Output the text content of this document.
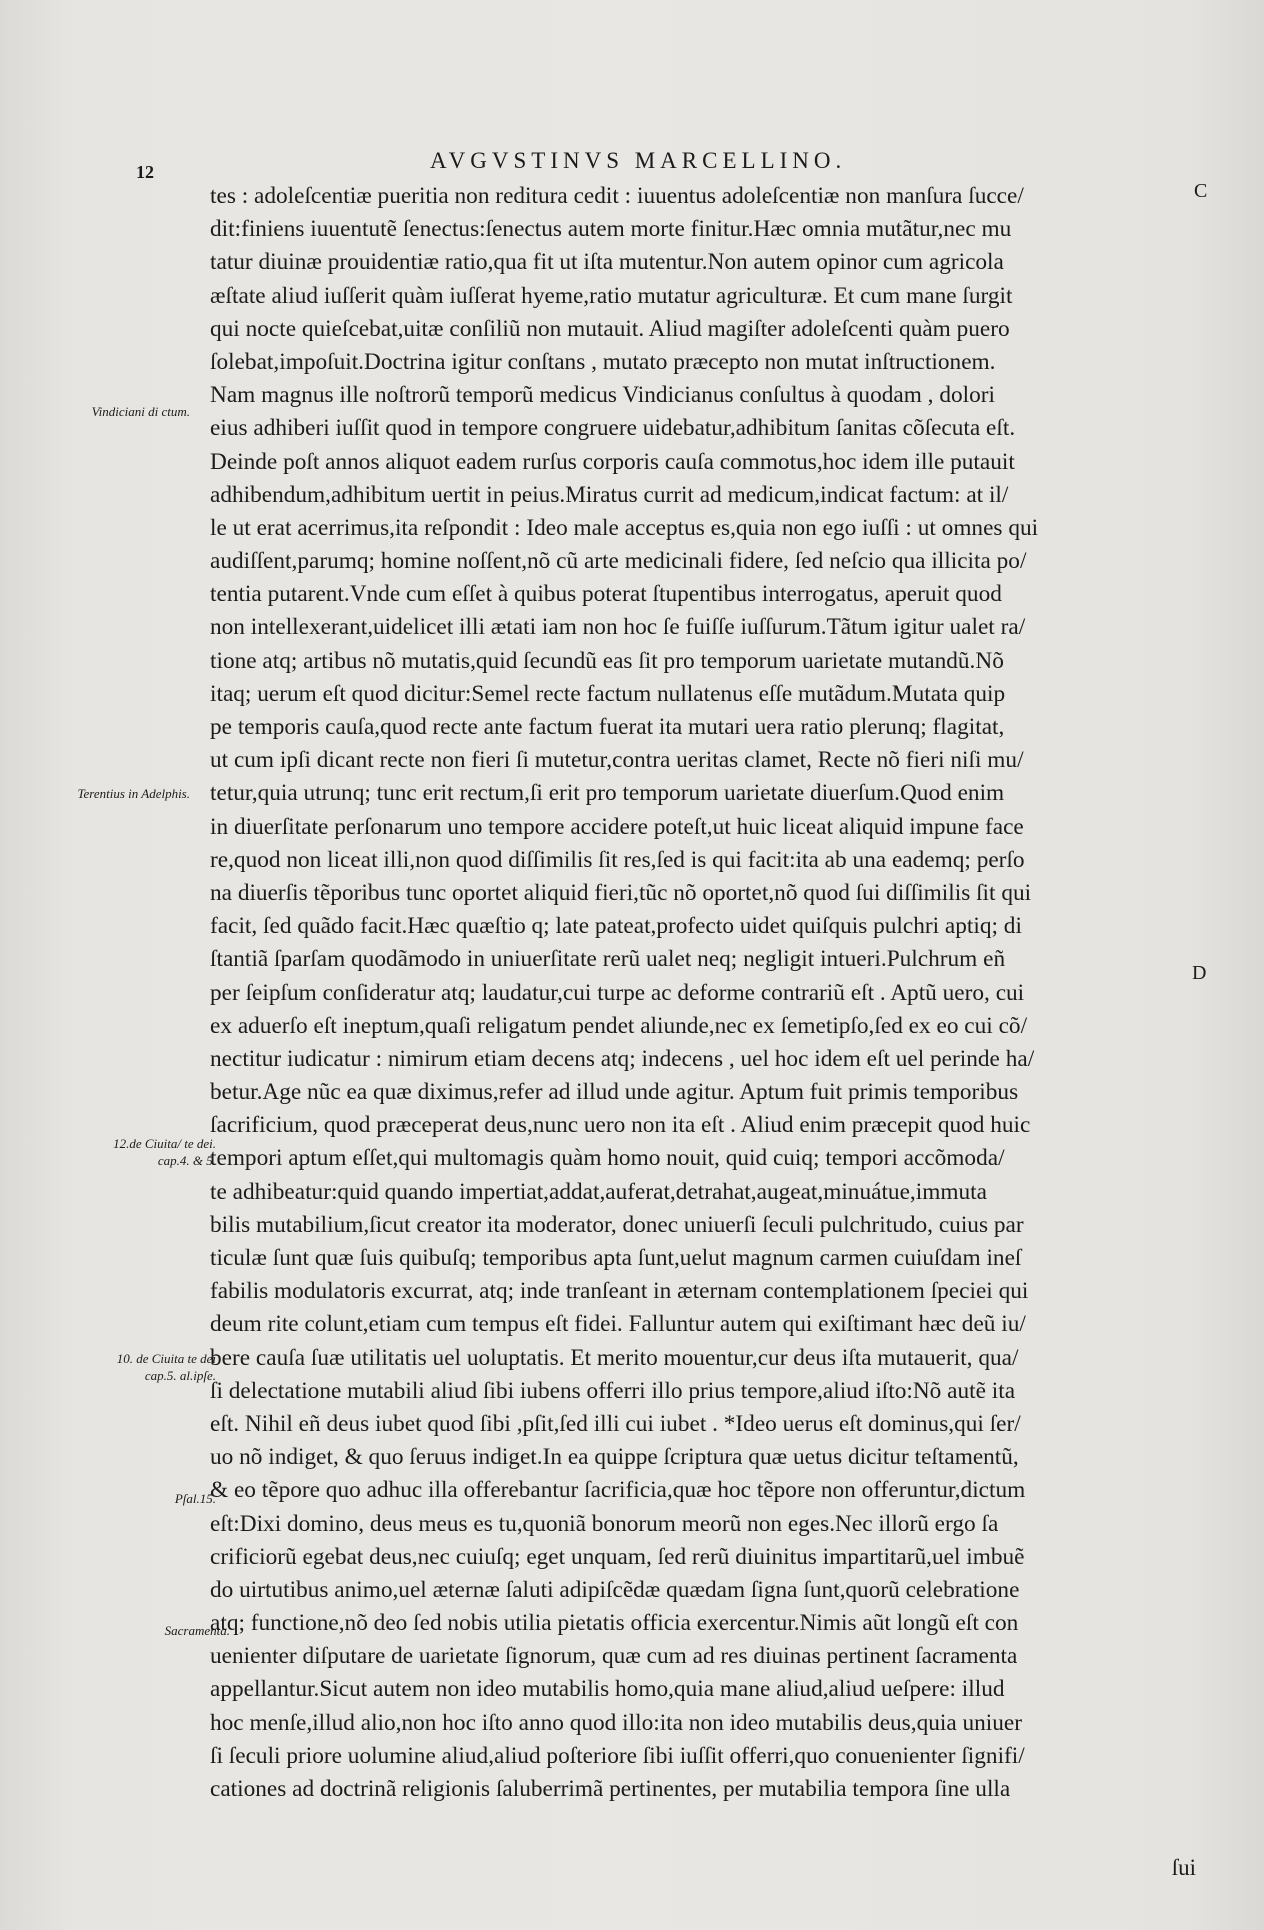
12	AVGVSTINVS MARCELLINO.
tes : adoleſcentiæ pueritia non reditura cedit : iuuentus adoleſcentiæ non manſura ſucce/
dit:finiens iuuentutẽ ſenectus:ſenectus autem morte finitur.Hæc omnia mutãtur,nec mu
tatur diuinæ prouidentiæ ratio,qua fit ut iſta mutentur.Non autem opinor cum agricola
æſtate aliud iuſſerit quàm iuſſerat hyeme,ratio mutatur agriculturæ. Et cum mane ſurgit
qui nocte quieſcebat,uitæ conſiliũ non mutauit. Aliud magiſter adoleſcenti quàm puero
ſolebat,impoſuit.Doctrina igitur conſtans , mutato præcepto non mutat inſtructionem.
Nam magnus ille noſtrorũ temporũ medicus Vindicianus conſultus à quodam , dolori
eius adhiberi iuſſit quod in tempore congruere uidebatur,adhibitum ſanitas cõſecuta eſt.
Deinde poſt annos aliquot eadem rurſus corporis cauſa commotus,hoc idem ille putauit
adhibendum,adhibitum uertit in peius.Miratus currit ad medicum,indicat factum: at il/
le ut erat acerrimus,ita reſpondit : Ideo male acceptus es,quia non ego iuſſi : ut omnes qui
audiſſent,parumq; homine noſſent,nõ cũ arte medicinali fidere, ſed neſcio qua illicita po/
tentia putarent.Vnde cum eſſet à quibus poterat ſtupentibus interrogatus, aperuit quod
non intellexerant,uidelicet illi ætati iam non hoc ſe fuiſſe iuſſurum.Tãtum igitur ualet ra/
tione atq; artibus nõ mutatis,quid ſecundũ eas ſit pro temporum uarietate mutandũ.Nõ
itaq; uerum eſt quod dicitur:Semel recte factum nullatenus eſſe mutãdum.Mutata quip
pe temporis cauſa,quod recte ante factum fuerat ita mutari uera ratio plerunq; flagitat,
ut cum ipſi dicant recte non fieri ſi mutetur,contra ueritas clamet, Recte nõ fieri niſi mu/
tetur,quia utrunq; tunc erit rectum,ſi erit pro temporum uarietate diuerſum.Quod enim
in diuerſitate perſonarum uno tempore accidere poteſt,ut huic liceat aliquid impune face
re,quod non liceat illi,non quod diſſimilis ſit res,ſed is qui facit:ita ab una eademq; perſo
na diuerſis tẽporibus tunc oportet aliquid fieri,tũc nõ oportet,nõ quod ſui diſſimilis ſit qui
facit, ſed quãdo facit.Hæc quæſtio q; late pateat,profecto uidet quiſquis pulchri aptiq; di
ſtantiã ſparſam quodãmodo in uniuerſitate rerũ ualet neq; negligit intueri.Pulchrum eñ
per ſeipſum conſideratur atq; laudatur,cui turpe ac deforme contrariũ eſt . Aptũ uero, cui
ex aduerſo eſt ineptum,quaſi religatum pendet aliunde,nec ex ſemetipſo,ſed ex eo cui cõ/
nectitur iudicatur : nimirum etiam decens atq; indecens , uel hoc idem eſt uel perinde ha/
betur.Age nũc ea quæ diximus,refer ad illud unde agitur. Aptum fuit primis temporibus
ſacrificium, quod præceperat deus,nunc uero non ita eſt . Aliud enim præcepit quod huic
tempori aptum eſſet,qui multomagis quàm homo nouit, quid cuiq; tempori accõmoda/
te adhibeatur:quid quando impertiat,addat,auferat,detrahat,augeat,minuátue,immuta
bilis mutabilium,ſicut creator ita moderator, donec uniuerſi ſeculi pulchritudo, cuius par
ticulæ ſunt quæ ſuis quibuſq; temporibus apta ſunt,uelut magnum carmen cuiuſdam ineſ
fabilis modulatoris excurrat, atq; inde tranſeant in æternam contemplationem ſpeciei qui
deum rite colunt,etiam cum tempus eſt fidei. Falluntur autem qui exiſtimant hæc deũ iu/
bere cauſa ſuæ utilitatis uel uoluptatis. Et merito mouentur,cur deus iſta mutauerit, qua/
ſi delectatione mutabili aliud ſibi iubens offerri illo prius tempore,aliud iſto:Nõ autẽ ita
eſt. Nihil eñ deus iubet quod ſibi ,pſit,ſed illi cui iubet . *Ideo uerus eſt dominus,qui ſer/
uo nõ indiget, & quo ſeruus indiget.In ea quippe ſcriptura quæ uetus dicitur teſtamentũ,
& eo tẽpore quo adhuc illa offerebantur ſacrificia,quæ hoc tẽpore non offeruntur,dictum
eſt:Dixi domino, deus meus es tu,quoniã bonorum meorũ non eges.Nec illorũ ergo ſa
crificiorũ egebat deus,nec cuiuſq; eget unquam, ſed rerũ diuinitus impartitarũ,uel imbuẽ
do uirtutibus animo,uel æternæ ſaluti adipiſcẽdæ quædam ſigna ſunt,quorũ celebratione
atq; functione,nõ deo ſed nobis utilia pietatis officia exercentur.Nimis aũt longũ eſt con
uenienter diſputare de uarietate ſignorum, quæ cum ad res diuinas pertinent ſacramenta
appellantur.Sicut autem non ideo mutabilis homo,quia mane aliud,aliud ueſpere: illud
hoc menſe,illud alio,non hoc iſto anno quod illo:ita non ideo mutabilis deus,quia uniuer
ſi ſeculi priore uolumine aliud,aliud poſteriore ſibi iuſſit offerri,quo conuenienter ſignifi/
cationes ad doctrinã religionis ſaluberrimã pertinentes, per mutabilia tempora ſine ulla
Vindiciani di ctum.
Terentius in Adelphis.
12.de Ciuita/ te dei. cap.4. & 5.
10. de Ciuita te dei cap.5. al.ipſe.
Pſal.15.
Sacramenta.
C
D
ſui
